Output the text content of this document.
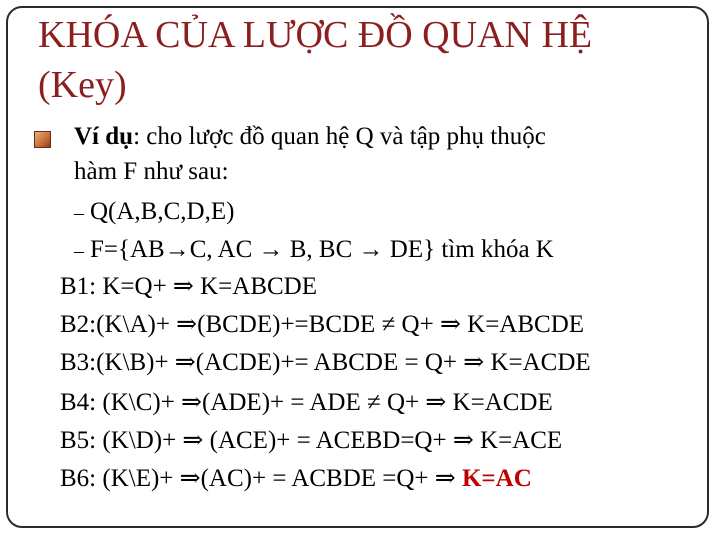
KHÓA CỦA LƯỢC ĐỒ QUAN HỆ
(Key)
Ví dụ: cho lược đồ quan hệ Q và tập phụ thuộc
hàm F như sau:
– Q(A,B,C,D,E)
– F={AB→C, AC → B, BC → DE} tìm khóa K
B1: K=Q+ ⇒ K=ABCDE
B2:(K\A)+ ⇒(BCDE)+=BCDE ≠ Q+ ⇒ K=ABCDE
B3:(K\B)+ ⇒(ACDE)+= ABCDE = Q+ ⇒ K=ACDE
B4: (K\C)+ ⇒(ADE)+ = ADE ≠ Q+ ⇒ K=ACDE
B5: (K\D)+ ⇒ (ACE)+ = ACEBD=Q+ ⇒ K=ACE
B6: (K\E)+ ⇒(AC)+ = ACBDE =Q+ ⇒ K=AC
